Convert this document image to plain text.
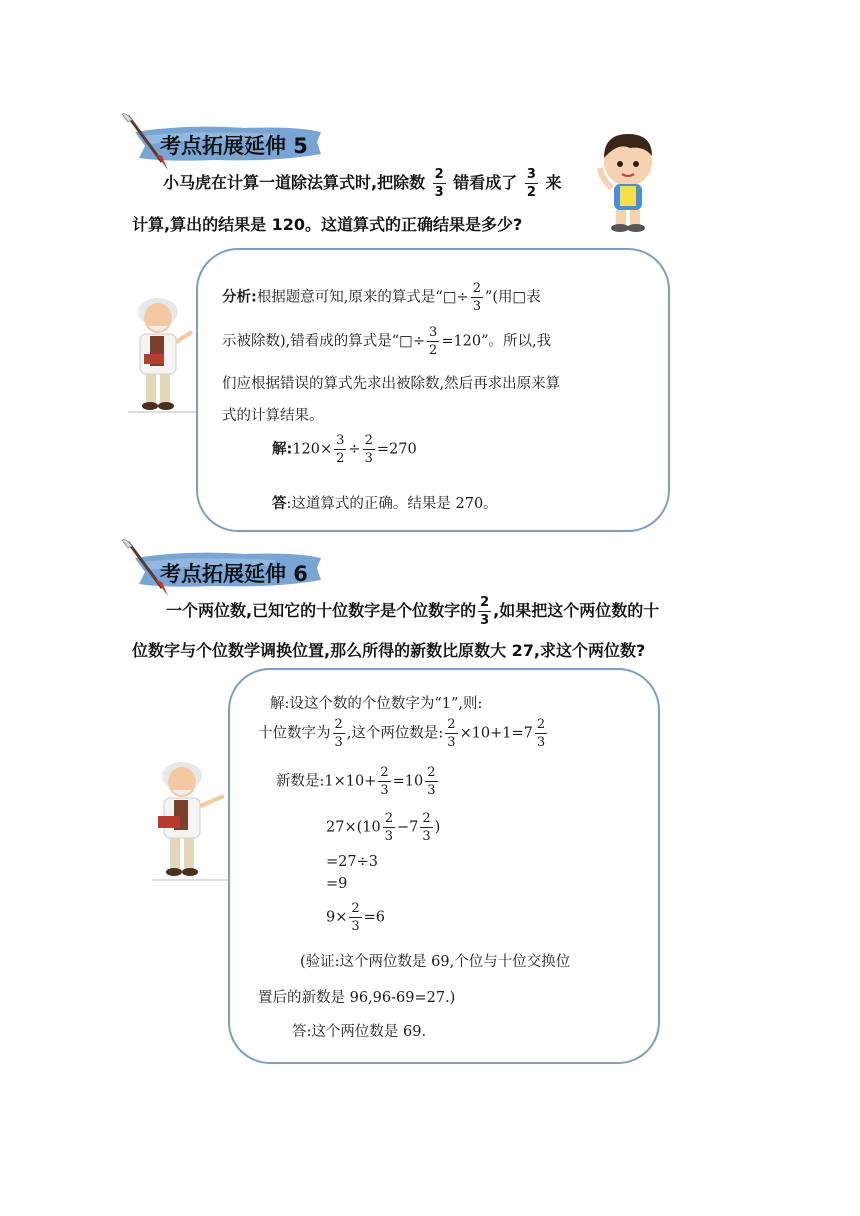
考点拓展延伸 5
小马虎在计算一道除法算式时,把除数 $\frac{2}{3}$ 错看成了 $\frac{3}{2}$ 来
计算,算出的结果是 120。这道算式的正确结果是多少?
分析:根据题意可知,原来的算式是“□÷ $\frac{2}{3}$ ”(用□表
示被除数),错看成的算式是“□÷ $\frac{3}{2} =120$”。所以,我
们应根据错误的算式先求出被除数,然后再求出原来算
式的计算结果。
解:120× $\frac{3}{2} \div \frac{2}{3} =270$
答:这道算式的正确。结果是 270。
考点拓展延伸 6
一个两位数,已知它的十位数字是个位数字的 $\frac{2}{3}$ ,如果把这个两位数的十
位数字与个位数学调换位置,那么所得的新数比原数大 27,求这个两位数?
解:设这个数的个位数字为“1”,则:
十位数字为 $\frac{2}{3}$ ,这个两位数是: $\frac{2}{3} \times 10+1=7 \frac{2}{3}$
新数是:1×10+ $\frac{2}{3} =10 \frac{2}{3}$
$27\times(10 \frac{2}{3} -7 \frac{2}{3}$ )
=27÷3
=9
$9\times \frac{2}{3} =6$
(验证:这个两位数是 69,个位与十位交换位
置后的新数是 96,96-69=27.)
答:这个两位数是 69.
